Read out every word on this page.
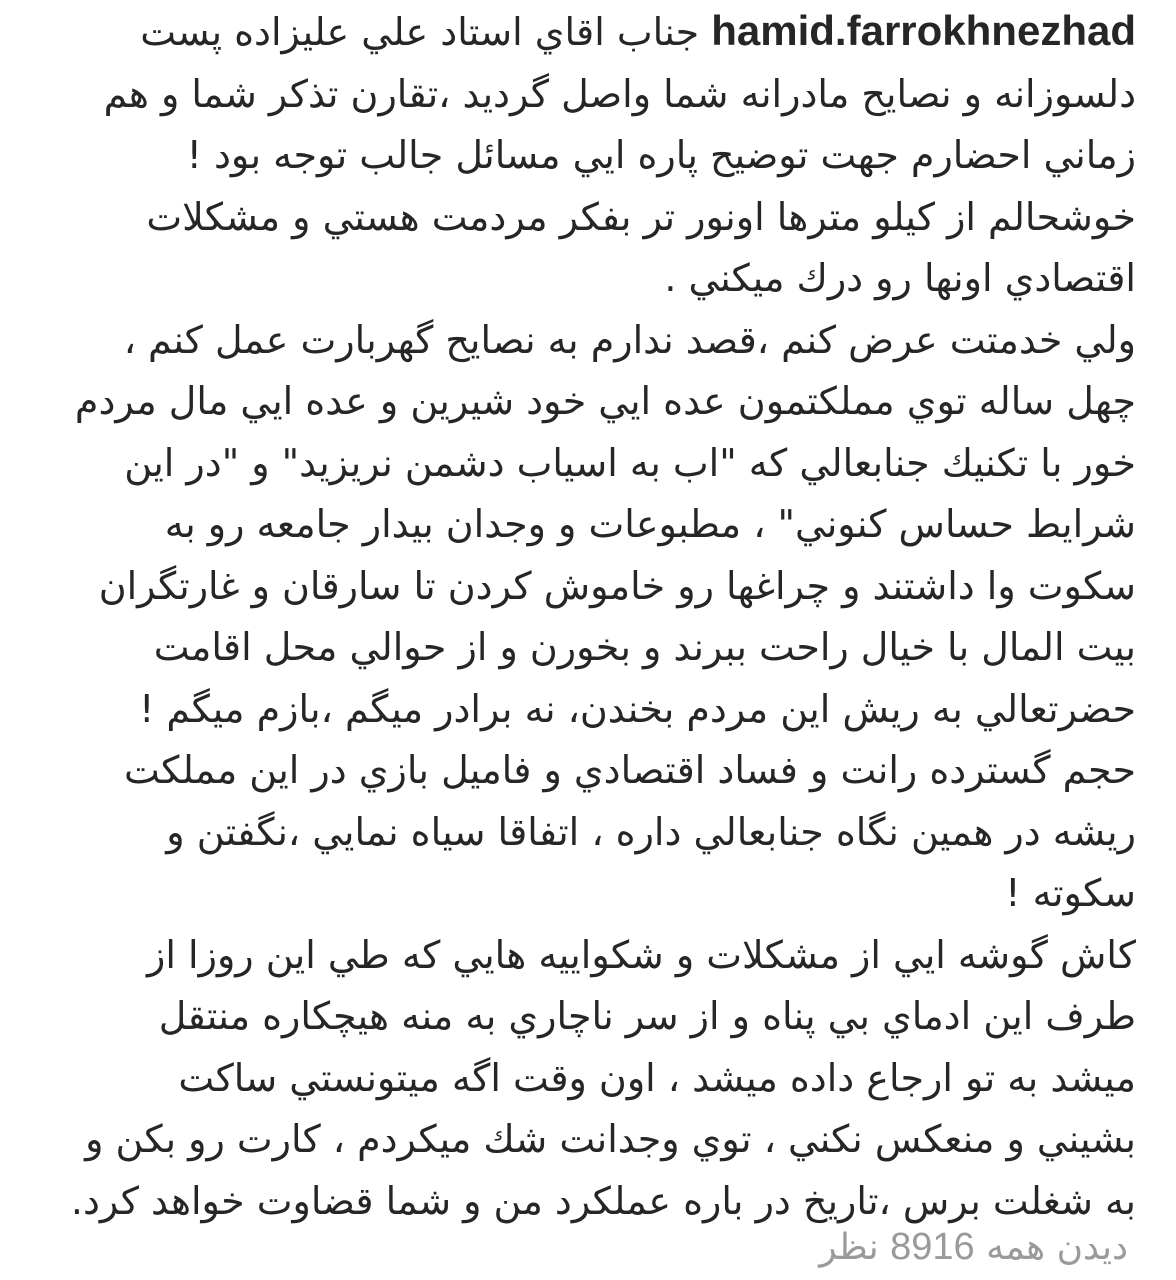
hamid.farrokhnezhad جناب اقاي استاد علي عليزاده پست
دلسوزانه و نصايح مادرانه شما واصل گرديد ،تقارن تذكر شما و هم
زماني احضارم جهت توضيح پاره ايي مسائل جالب توجه بود !
خوشحالم از كيلو مترها اونور تر بفكر مردمت هستي و مشكلات
اقتصادي اونها رو درك ميكني .
ولي خدمتت عرض كنم ،قصد ندارم به نصايح گهربارت عمل كنم ،
چهل ساله توي مملكتمون عده ايي خود شيرين و عده ايي مال مردم
خور با تكنيك جنابعالي كه "اب به اسياب دشمن نريزيد" و "در اين
شرايط حساس كنوني" ، مطبوعات و وجدان بيدار جامعه رو به
سكوت وا داشتند و چراغها رو خاموش كردن تا سارقان و غارتگران
بيت المال با خيال راحت ببرند و بخورن و از حوالي محل اقامت
حضرتعالي به ريش اين مردم بخندن، نه برادر ميگم ،بازم ميگم !
حجم گسترده رانت و فساد اقتصادي و فاميل بازي در اين مملكت
ريشه در همين نگاه جنابعالي داره ، اتفاقا سياه نمايي ،نگفتن و
سكوته !
كاش گوشه ايي از مشكلات و شكواييه هايي كه طي اين روزا از
طرف اين ادماي بي پناه و از سر ناچاري به منه هيچكاره منتقل
ميشد به تو ارجاع داده ميشد ، اون وقت اگه ميتونستي ساكت
بشيني و منعكس نكني ، توي وجدانت شك ميكردم ، كارت رو بكن و
به شغلت برس ،تاريخ در باره عملكرد من و شما قضاوت خواهد كرد.
ديدن همه 8916 نظر
